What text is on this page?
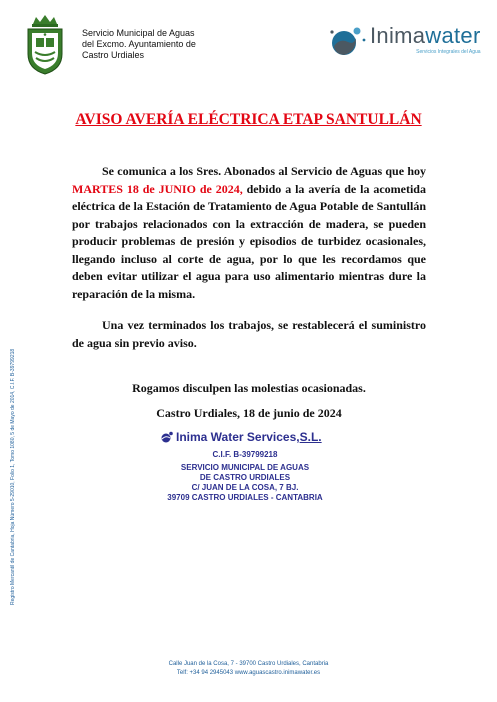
Servicio Municipal de Aguas
del Excmo. Ayuntamiento de
Castro Urdiales
Inimawater
Servicios Integrales del Agua
Registro Mercantil de Cantabria, Hoja Número 5-29010, Folio 1, Tomo 1080, 5 de Mayo de 2014, C.I.F. B-39799218
AVISO AVERÍA ELÉCTRICA ETAP SANTULLÁN

Se comunica a los Sres. Abonados al Servicio de Aguas que hoy MARTES 18 de JUNIO de 2024, debido a la avería de la acometida eléctrica de la Estación de Tratamiento de Agua Potable de Santullán por trabajos relacionados con la extracción de madera, se pueden producir problemas de presión y episodios de turbidez ocasionales, llegando incluso al corte de agua, por lo que les recordamos que deben evitar utilizar el agua para uso alimentario mientras dure la reparación de la misma.

Una vez terminados los trabajos, se restablecerá el suministro de agua sin previo aviso.

Rogamos disculpen las molestias ocasionadas.
Castro Urdiales, 18 de junio de 2024
Inima Water Services, S.L.
C.I.F. B-39799218
SERVICIO MUNICIPAL DE AGUAS
DE CASTRO URDIALES
C/ JUAN DE LA COSA, 7 BJ.
39709 CASTRO URDIALES - CANTABRIA
Calle Juan de la Cosa, 7 - 39700 Castro Urdiales, Cantabria
Telf: +34 94 2945043 www.aguascastro.inimawater.es
